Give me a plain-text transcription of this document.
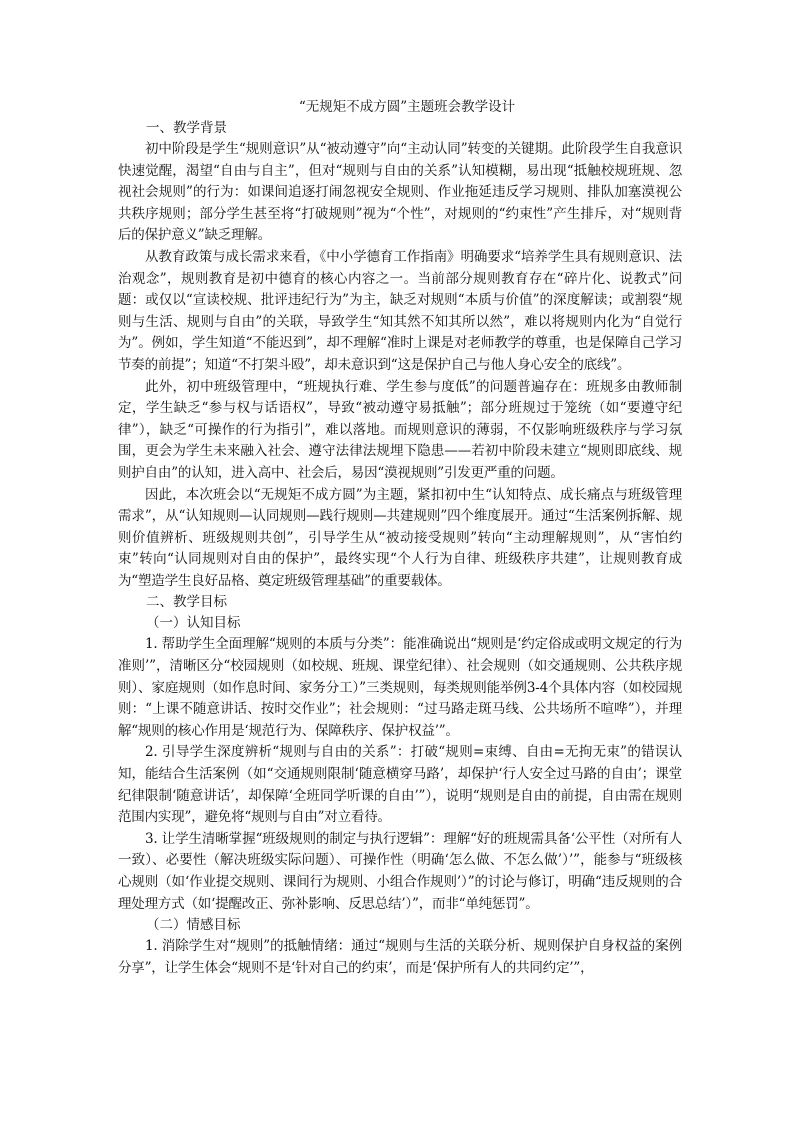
“无规矩不成方圆”主题班会教学设计
一、教学背景

初中阶段是学生“规则意识”从“被动遵守”向“主动认同”转变的关键期。此阶段学生自我意识快速觉醒，渴望“自由与自主”，但对“规则与自由的关系”认知模糊，易出现“抵触校规班规、忽视社会规则”的行为：如课间追逐打闹忽视安全规则、作业拖延违反学习规则、排队加塞漠视公共秩序规则；部分学生甚至将“打破规则”视为“个性”，对规则的“约束性”产生排斥，对“规则背后的保护意义”缺乏理解。

从教育政策与成长需求来看，《中小学德育工作指南》明确要求“培养学生具有规则意识、法治观念”，规则教育是初中德育的核心内容之一。当前部分规则教育存在“碎片化、说教式”问题：或仅以“宣读校规、批评违纪行为”为主，缺乏对规则“本质与价值”的深度解读；或割裂“规则与生活、规则与自由”的关联，导致学生“知其然不知其所以然”，难以将规则内化为“自觉行为”。例如，学生知道“不能迟到”，却不理解“准时上课是对老师教学的尊重，也是保障自己学习节奏的前提”；知道“不打架斗殴”，却未意识到“这是保护自己与他人身心安全的底线”。

此外，初中班级管理中，“班规执行难、学生参与度低”的问题普遍存在：班规多由教师制定，学生缺乏“参与权与话语权”，导致“被动遵守易抵触”；部分班规过于笼统（如“要遵守纪律”），缺乏“可操作的行为指引”，难以落地。而规则意识的薄弱，不仅影响班级秩序与学习氛围，更会为学生未来融入社会、遵守法律法规埋下隐患——若初中阶段未建立“规则即底线、规则护自由”的认知，进入高中、社会后，易因“漠视规则”引发更严重的问题。

因此，本次班会以“无规矩不成方圆”为主题，紧扣初中生“认知特点、成长痛点与班级管理需求”，从“认知规则—认同规则—践行规则—共建规则”四个维度展开。通过“生活案例拆解、规则价值辨析、班级规则共创”，引导学生从“被动接受规则”转向“主动理解规则”，从“害怕约束”转向“认同规则对自由的保护”，最终实现“个人行为自律、班级秩序共建”，让规则教育成为“塑造学生良好品格、奠定班级管理基础”的重要载体。

二、教学目标
（一）认知目标

1. 帮助学生全面理解“规则的本质与分类”：能准确说出“规则是‘约定俗成或明文规定的行为准则’”，清晰区分“校园规则（如校规、班规、课堂纪律）、社会规则（如交通规则、公共秩序规则）、家庭规则（如作息时间、家务分工）”三类规则，每类规则能举例3-4个具体内容（如校园规则：“上课不随意讲话、按时交作业”；社会规则：“过马路走斑马线、公共场所不喧哗”），并理解“规则的核心作用是‘规范行为、保障秩序、保护权益’”。

2. 引导学生深度辨析“规则与自由的关系”：打破“规则=束缚、自由=无拘无束”的错误认知，能结合生活案例（如“交通规则限制‘随意横穿马路’，却保护‘行人安全过马路的自由’；课堂纪律限制‘随意讲话’，却保障‘全班同学听课的自由’”），说明“规则是自由的前提，自由需在规则范围内实现”，避免将“规则与自由”对立看待。

3. 让学生清晰掌握“班级规则的制定与执行逻辑”：理解“好的班规需具备‘公平性（对所有人一致）、必要性（解决班级实际问题）、可操作性（明确‘怎么做、不怎么做’）’”，能参与“班级核心规则（如‘作业提交规则、课间行为规则、小组合作规则’）”的讨论与修订，明确“违反规则的合理处理方式（如‘提醒改正、弥补影响、反思总结’）”，而非“单纯惩罚”。

（二）情感目标

1. 消除学生对“规则”的抵触情绪：通过“规则与生活的关联分析、规则保护自身权益的案例分享”，让学生体会“规则不是‘针对自己的约束’，而是‘保护所有人的共同约定’”，
